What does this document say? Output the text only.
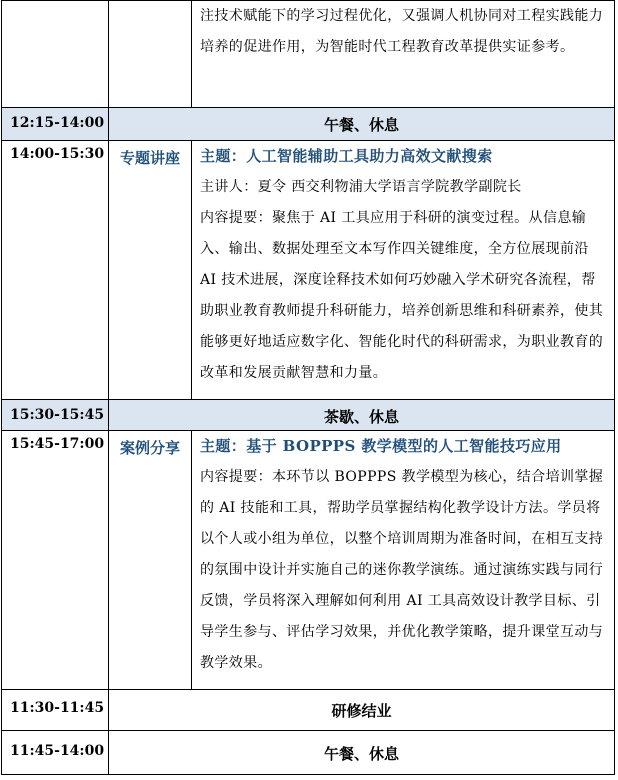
		注技术赋能下的学习过程优化，又强调人机协同对工程实践能力培养的促进作用，为智能时代工程教育改革提供实证参考。

12:15-14:00	午餐、休息	
14:00-15:30	专题讲座	主题：人工智能辅助工具助力高效文献搜索

主讲人：夏令 西交利物浦大学语言学院教学副院长

内容提要：聚焦于 AI 工具应用于科研的演变过程。从信息输入、输出、数据处理至文本写作四关键维度，全方位展现前沿 AI 技术进展，深度诠释技术如何巧妙融入学术研究各流程，帮助职业教育教师提升科研能力，培养创新思维和科研素养，使其能够更好地适应数字化、智能化时代的科研需求，为职业教育的改革和发展贡献智慧和力量。

15:30-15:45	茶歇、休息	
15:45-17:00	案例分享	主题：基于 BOPPPS 教学模型的人工智能技巧应用

内容提要：本环节以 BOPPPS 教学模型为核心，结合培训掌握的 AI 技能和工具，帮助学员掌握结构化教学设计方法。学员将以个人或小组为单位，以整个培训周期为准备时间，在相互支持的氛围中设计并实施自己的迷你教学演练。通过演练实践与同行反馈，学员将深入理解如何利用 AI 工具高效设计教学目标、引导学生参与、评估学习效果，并优化教学策略，提升课堂互动与教学效果。

11:30-11:45	研修结业	
11:45-14:00	午餐、休息	
